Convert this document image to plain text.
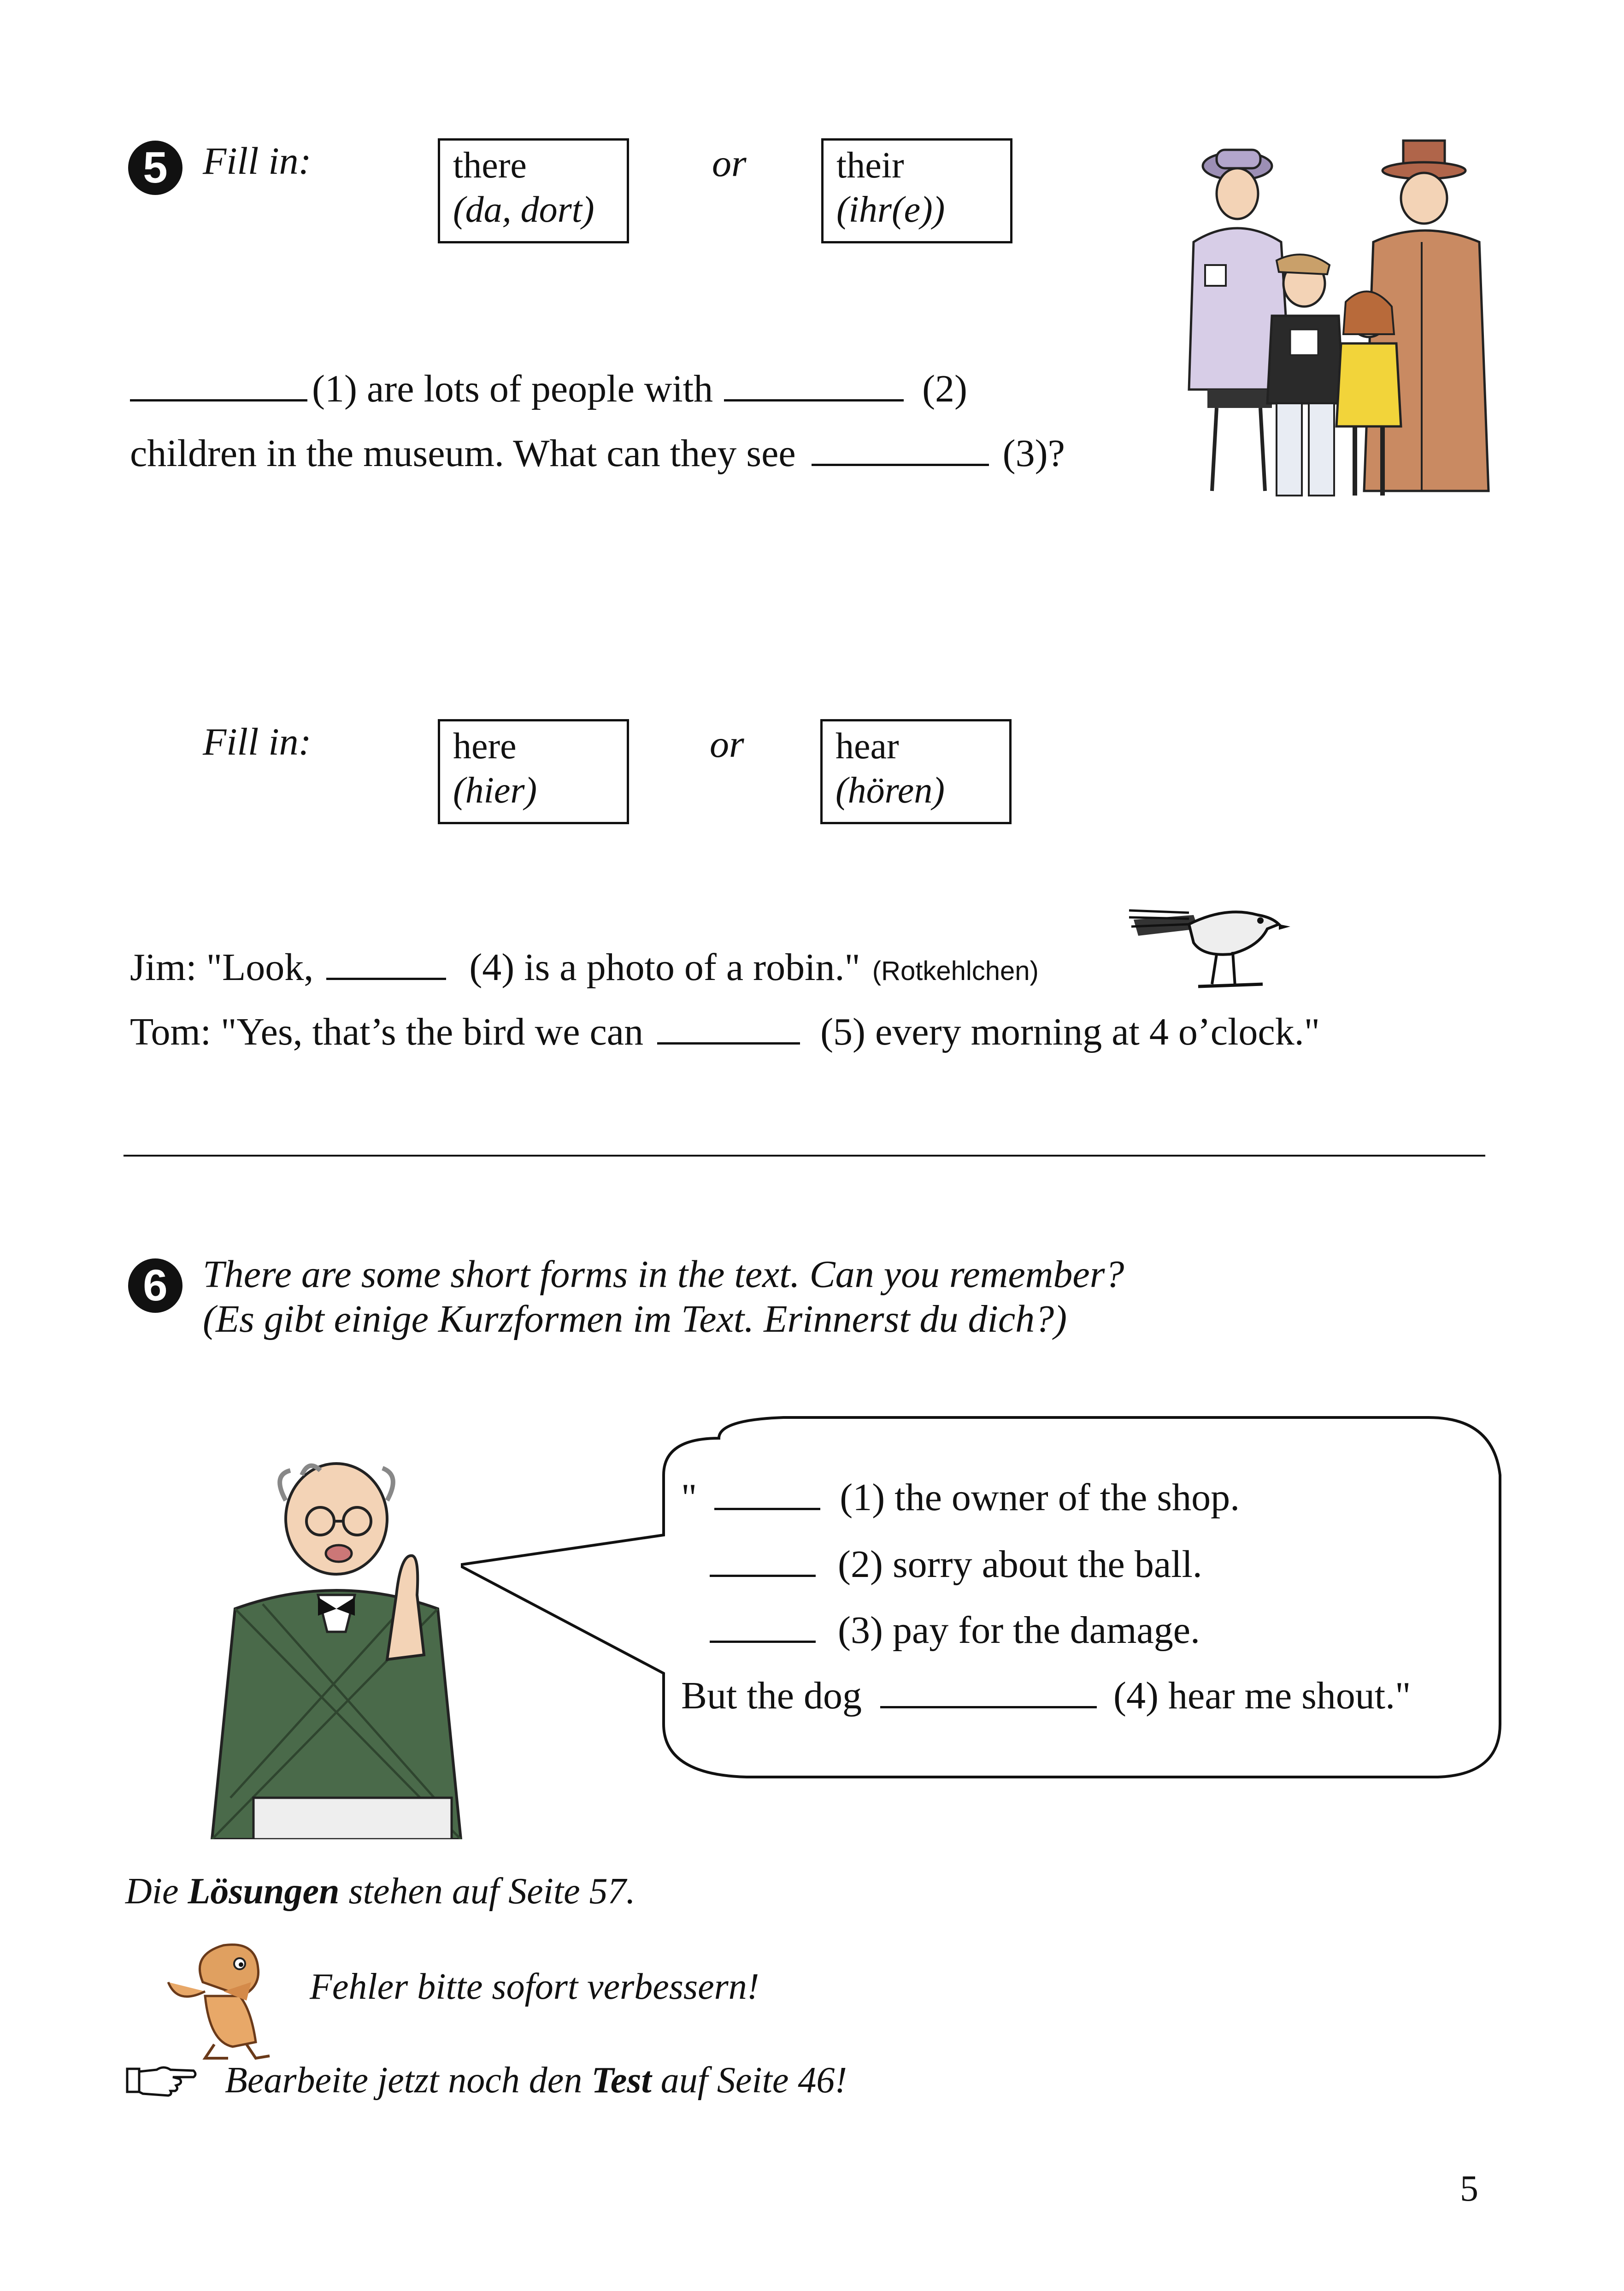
5 Fill in:	there
(da, dort)
or their
(ihr(e))
(1) are lots of people with	(2)
children in the museum. What can they see	(3)?
Fill in:	here
(hier)
or hear
(hören)
Jim: "Look,	(4) is a photo of a robin." (Rotkehlchen)
Tom: "Yes, that’s the bird we can	(5) every morning at 4 o’clock."
6 There are some short forms in the text. Can you remember?
(Es gibt einige Kurzformen im Text. Erinnerst du dich?)
"	(1) the owner of the shop.
(2) sorry about the ball.
(3) pay for the damage.
But the dog	(4) hear me shout."
Die Lösungen stehen auf Seite 57.
Fehler bitte sofort verbessern!
Bearbeite jetzt noch den Test auf Seite 46!
5
